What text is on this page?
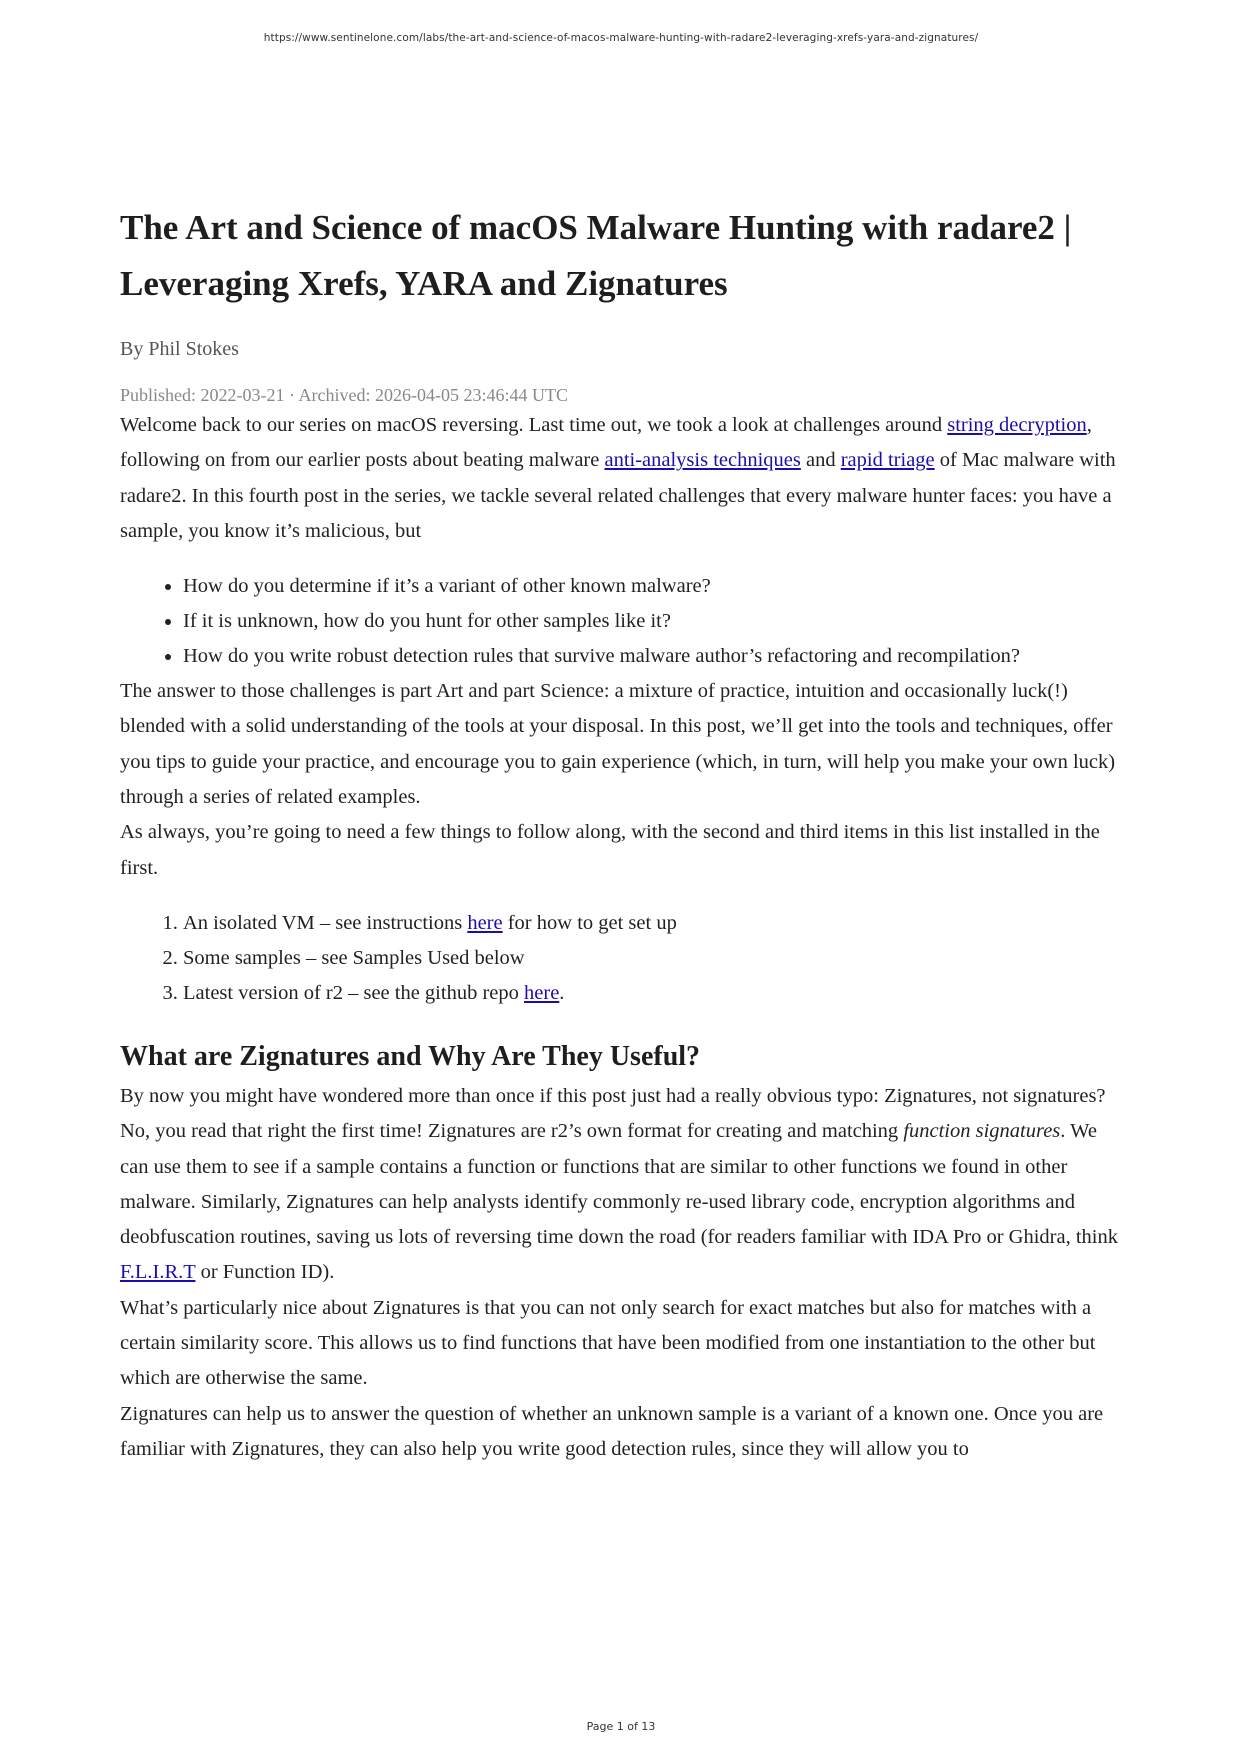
https://www.sentinelone.com/labs/the-art-and-science-of-macos-malware-hunting-with-radare2-leveraging-xrefs-yara-and-zignatures/
The Art and Science of macOS Malware Hunting with radare2 | Leveraging Xrefs, YARA and Zignatures
By Phil Stokes
Published: 2022-03-21 · Archived: 2026-04-05 23:46:44 UTC

Welcome back to our series on macOS reversing. Last time out, we took a look at challenges around string decryption, following on from our earlier posts about beating malware anti-analysis techniques and rapid triage of Mac malware with radare2. In this fourth post in the series, we tackle several related challenges that every malware hunter faces: you have a sample, you know it’s malicious, but

• How do you determine if it’s a variant of other known malware?
• If it is unknown, how do you hunt for other samples like it?
• How do you write robust detection rules that survive malware author’s refactoring and recompilation?

The answer to those challenges is part Art and part Science: a mixture of practice, intuition and occasionally luck(!) blended with a solid understanding of the tools at your disposal. In this post, we’ll get into the tools and techniques, offer you tips to guide your practice, and encourage you to gain experience (which, in turn, will help you make your own luck) through a series of related examples.

As always, you’re going to need a few things to follow along, with the second and third items in this list installed in the first.

1. An isolated VM – see instructions here for how to get set up
2. Some samples – see Samples Used below
3. Latest version of r2 – see the github repo here.
What are Zignatures and Why Are They Useful?

By now you might have wondered more than once if this post just had a really obvious typo: Zignatures, not signatures? No, you read that right the first time! Zignatures are r2’s own format for creating and matching function signatures. We can use them to see if a sample contains a function or functions that are similar to other functions we found in other malware. Similarly, Zignatures can help analysts identify commonly re-used library code, encryption algorithms and deobfuscation routines, saving us lots of reversing time down the road (for readers familiar with IDA Pro or Ghidra, think F.L.I.R.T or Function ID).

What’s particularly nice about Zignatures is that you can not only search for exact matches but also for matches with a certain similarity score. This allows us to find functions that have been modified from one instantiation to the other but which are otherwise the same.

Zignatures can help us to answer the question of whether an unknown sample is a variant of a known one. Once you are familiar with Zignatures, they can also help you write good detection rules, since they will allow you to

Page 1 of 13
